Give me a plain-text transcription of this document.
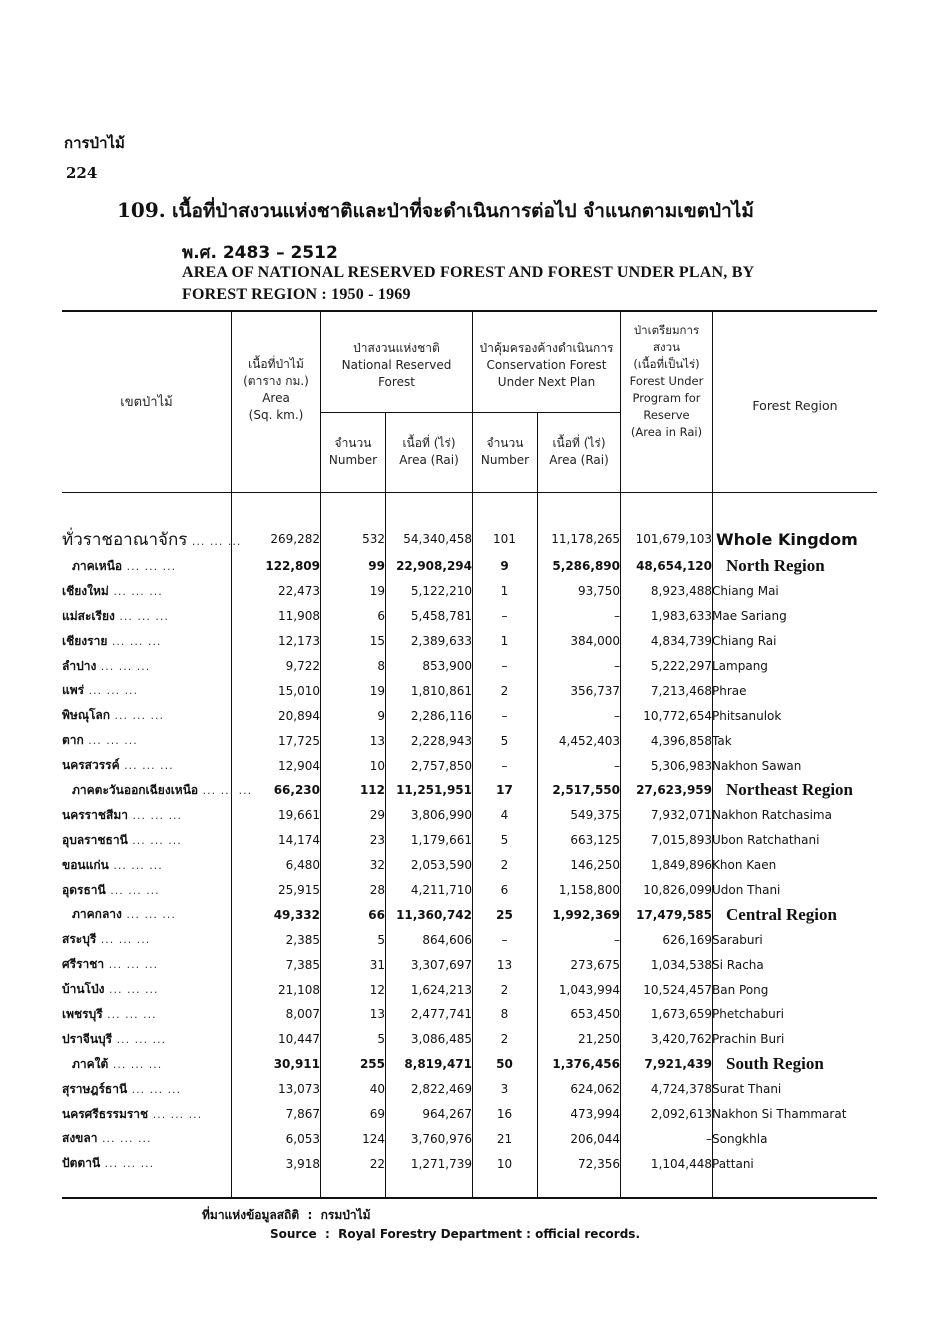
การป่าไม้
224
109. เนื้อที่ป่าสงวนแห่งชาติและป่าที่จะดำเนินการต่อไป จำแนกตามเขตป่าไม้
พ.ศ. 2483 – 2512
AREA OF NATIONAL RESERVED FOREST AND FOREST UNDER PLAN, BY
FOREST REGION : 1950 - 1969
เขตป่าไม้
เนื้อที่ป่าไม้
(ตาราง กม.)
Area
(Sq. km.)
ป่าสงวนแห่งชาติ
National Reserved
Forest
ป่าคุ้มครองค้างดำเนินการ
Conservation Forest
Under Next Plan
ป่าเตรียมการ
สงวน
(เนื้อที่เป็นไร่)
Forest Under
Program for
Reserve
(Area in Rai)
จำนวน
Number
เนื้อที่ (ไร่)
Area (Rai)
จำนวน
Number
เนื้อที่ (ไร่)
Area (Rai)
Forest Region
ทั่วราชอาณาจักร ... ... ...	269,282	532	54,340,458	101	11,178,265	101,679,103	Whole Kingdom
ภาคเหนือ ... ... ...	122,809	99	22,908,294	9	5,286,890	48,654,120	North Region
เชียงใหม่ ... ... ...	22,473	19	5,122,210	1	93,750	8,923,488	Chiang Mai
แม่สะเรียง ... ... ...	11,908	6	5,458,781	–	–	1,983,633	Mae Sariang
เชียงราย ... ... ...	12,173	15	2,389,633	1	384,000	4,834,739	Chiang Rai
ลำปาง ... ... ...	9,722	8	853,900	–	–	5,222,297	Lampang
แพร่ ... ... ...	15,010	19	1,810,861	2	356,737	7,213,468	Phrae
พิษณุโลก ... ... ...	20,894	9	2,286,116	–	–	10,772,654	Phitsanulok
ตาก ... ... ...	17,725	13	2,228,943	5	4,452,403	4,396,858	Tak
นครสวรรค์ ... ... ...	12,904	10	2,757,850	–	–	5,306,983	Nakhon Sawan
ภาคตะวันออกเฉียงเหนือ ... ... ...	66,230	112	11,251,951	17	2,517,550	27,623,959	Northeast Region
นครราชสีมา ... ... ...	19,661	29	3,806,990	4	549,375	7,932,071	Nakhon Ratchasima
อุบลราชธานี ... ... ...	14,174	23	1,179,661	5	663,125	7,015,893	Ubon Ratchathani
ขอนแก่น ... ... ...	6,480	32	2,053,590	2	146,250	1,849,896	Khon Kaen
อุดรธานี ... ... ...	25,915	28	4,211,710	6	1,158,800	10,826,099	Udon Thani
ภาคกลาง ... ... ...	49,332	66	11,360,742	25	1,992,369	17,479,585	Central Region
สระบุรี ... ... ...	2,385	5	864,606	–	–	626,169	Saraburi
ศรีราชา ... ... ...	7,385	31	3,307,697	13	273,675	1,034,538	Si Racha
บ้านโป่ง ... ... ...	21,108	12	1,624,213	2	1,043,994	10,524,457	Ban Pong
เพชรบุรี ... ... ...	8,007	13	2,477,741	8	653,450	1,673,659	Phetchaburi
ปราจีนบุรี ... ... ...	10,447	5	3,086,485	2	21,250	3,420,762	Prachin Buri
ภาคใต้ ... ... ...	30,911	255	8,819,471	50	1,376,456	7,921,439	South Region
สุราษฎร์ธานี ... ... ...	13,073	40	2,822,469	3	624,062	4,724,378	Surat Thani
นครศรีธรรมราช ... ... ...	7,867	69	964,267	16	473,994	2,092,613	Nakhon Si Thammarat
สงขลา ... ... ...	6,053	124	3,760,976	21	206,044	–	Songkhla
ปัตตานี ... ... ...	3,918	22	1,271,739	10	72,356	1,104,448	Pattani
ที่มาแห่งข้อมูลสถิติ  :  กรมป่าไม้
Source  :  Royal Forestry Department : official records.
